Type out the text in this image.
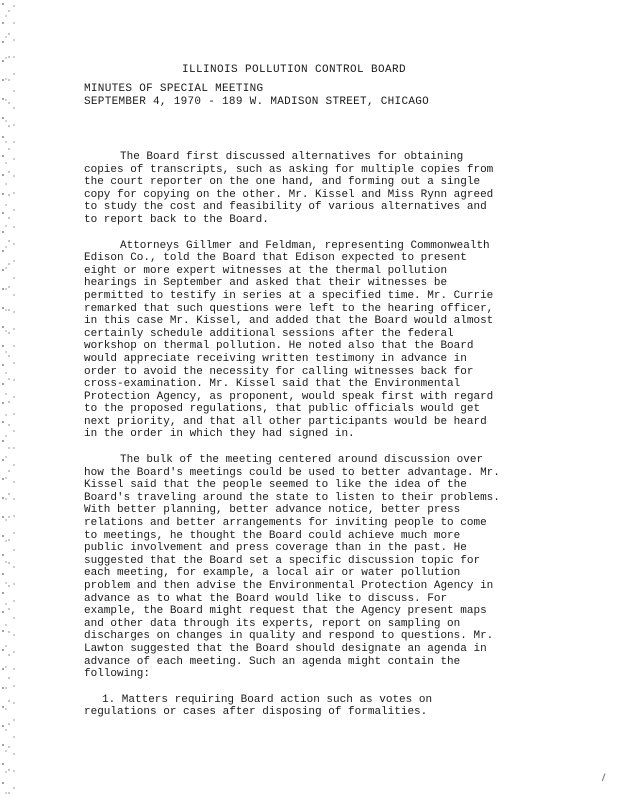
ILLINOIS POLLUTION CONTROL BOARD
MINUTES OF SPECIAL MEETING
SEPTEMBER 4, 1970 - 189 W. MADISON STREET, CHICAGO

The Board first discussed alternatives for obtaining copies of transcripts, such as asking for multiple copies from the court reporter on the one hand, and forming out a single copy for copying on the other. Mr. Kissel and Miss Rynn agreed to study the cost and feasibility of various alternatives and to report back to the Board.

Attorneys Gillmer and Feldman, representing Commonwealth Edison Co., told the Board that Edison expected to present eight or more expert witnesses at the thermal pollution hearings in September and asked that their witnesses be permitted to testify in series at a specified time. Mr. Currie remarked that such questions were left to the hearing officer, in this case Mr. Kissel, and added that the Board would almost certainly schedule additional sessions after the federal workshop on thermal pollution. He noted also that the Board would appreciate receiving written testimony in advance in order to avoid the necessity for calling witnesses back for cross-examination. Mr. Kissel said that the Environmental Protection Agency, as proponent, would speak first with regard to the proposed regulations, that public officials would get next priority, and that all other participants would be heard in the order in which they had signed in.

The bulk of the meeting centered around discussion over how the Board's meetings could be used to better advantage. Mr. Kissel said that the people seemed to like the idea of the Board's traveling around the state to listen to their problems. With better planning, better advance notice, better press relations and better arrangements for inviting people to come to meetings, he thought the Board could achieve much more public involvement and press coverage than in the past. He suggested that the Board set a specific discussion topic for each meeting, for example, a local air or water pollution problem and then advise the Environmental Protection Agency in advance as to what the Board would like to discuss. For example, the Board might request that the Agency present maps and other data through its experts, report on sampling on discharges on changes in quality and respond to questions. Mr. Lawton suggested that the Board should designate an agenda in advance of each meeting. Such an agenda might contain the following:

1. Matters requiring Board action such as votes on regulations or cases after disposing of formalities.
